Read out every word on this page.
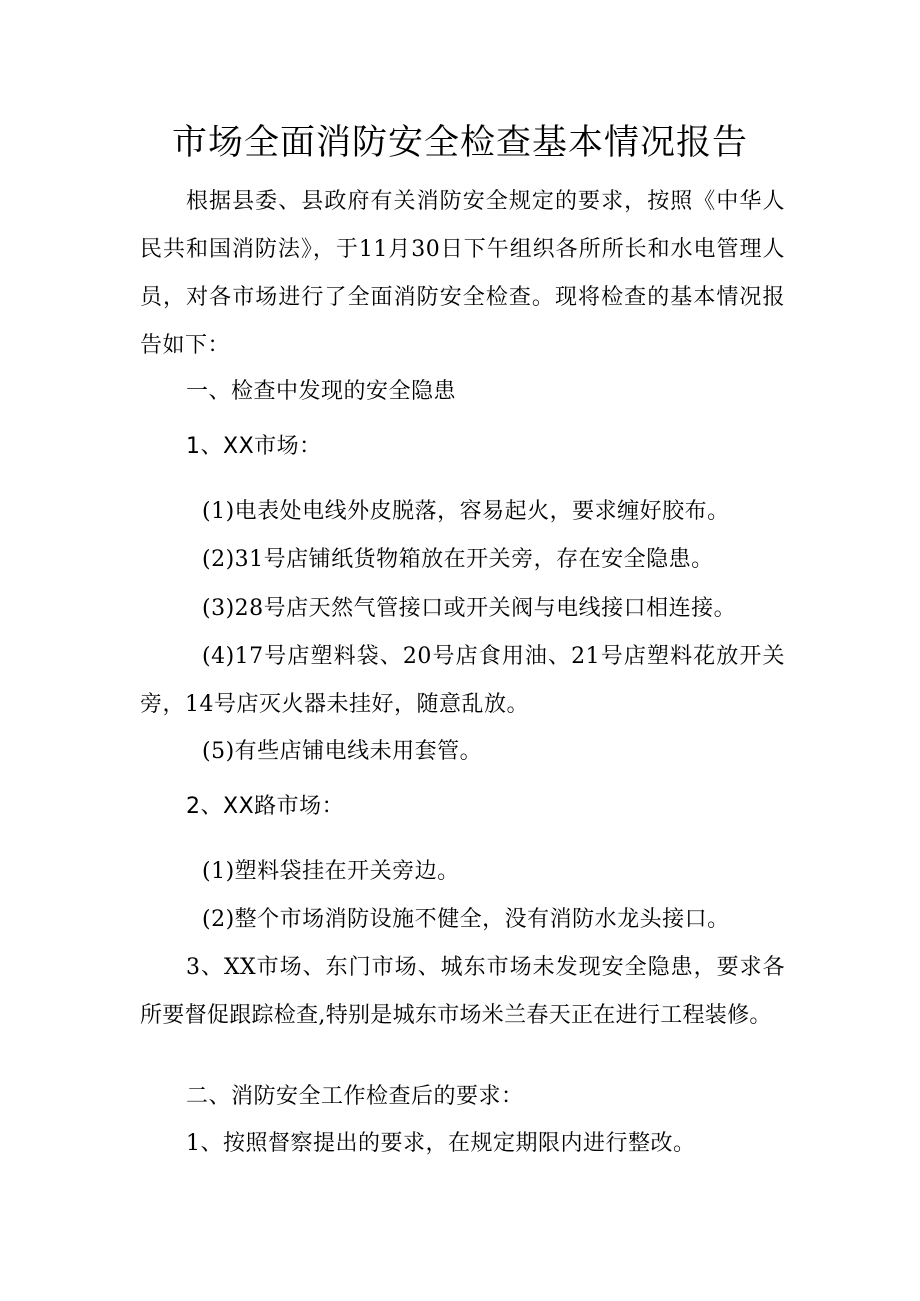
市场全面消防安全检查基本情况报告

根据县委、县政府有关消防安全规定的要求，按照《中华人民共和国消防法》，于11月30日下午组织各所所长和水电管理人员，对各市场进行了全面消防安全检查。现将检查的基本情况报告如下：

一、检查中发现的安全隐患

1、XX市场：

(1)电表处电线外皮脱落，容易起火，要求缠好胶布。

(2)31号店铺纸货物箱放在开关旁，存在安全隐患。

(3)28号店天然气管接口或开关阀与电线接口相连接。

(4)17号店塑料袋、20号店食用油、21号店塑料花放开关旁，14号店灭火器未挂好，随意乱放。

(5)有些店铺电线未用套管。

2、XX路市场：

(1)塑料袋挂在开关旁边。

(2)整个市场消防设施不健全，没有消防水龙头接口。

3、XX市场、东门市场、城东市场未发现安全隐患，要求各所要督促跟踪检查,特别是城东市场米兰春天正在进行工程装修。

二、消防安全工作检查后的要求：

1、按照督察提出的要求，在规定期限内进行整改。
